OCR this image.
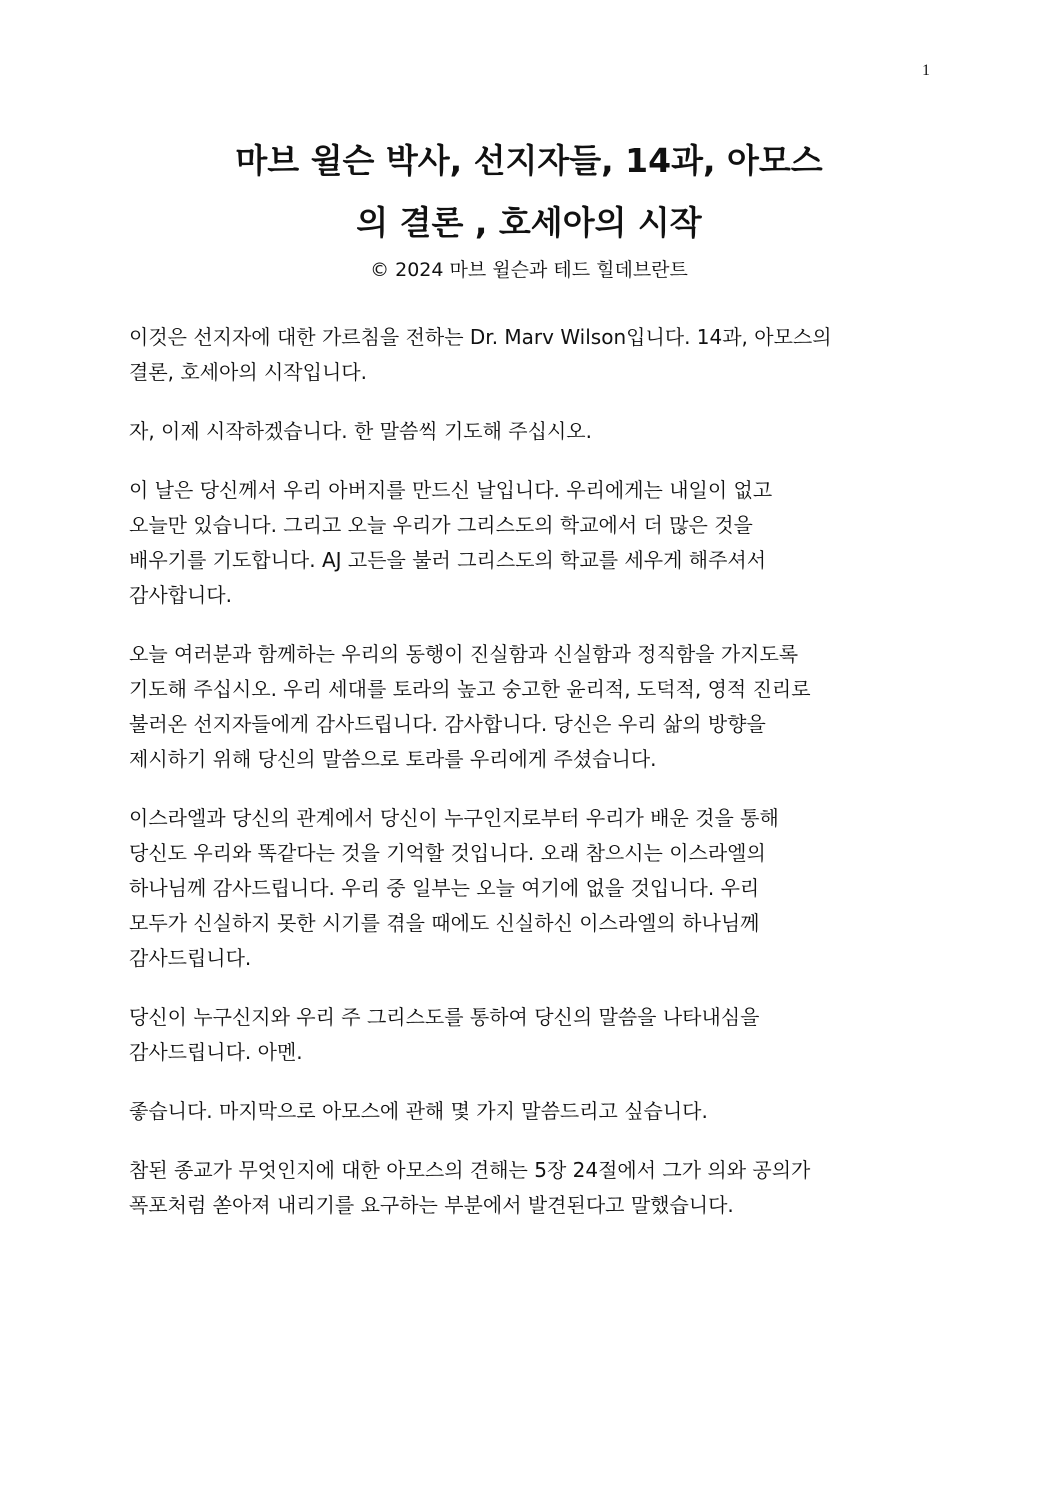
1
마브 윌슨 박사, 선지자들, 14과, 아모스
의 결론 , 호세아의 시작
© 2024 마브 윌슨과 테드 힐데브란트

이것은 선지자에 대한 가르침을 전하는 Dr. Marv Wilson입니다. 14과, 아모스의
결론, 호세아의 시작입니다.

자, 이제 시작하겠습니다. 한 말씀씩 기도해 주십시오.

이 날은 당신께서 우리 아버지를 만드신 날입니다. 우리에게는 내일이 없고
오늘만 있습니다. 그리고 오늘 우리가 그리스도의 학교에서 더 많은 것을
배우기를 기도합니다. AJ 고든을 불러 그리스도의 학교를 세우게 해주셔서
감사합니다.

오늘 여러분과 함께하는 우리의 동행이 진실함과 신실함과 정직함을 가지도록
기도해 주십시오. 우리 세대를 토라의 높고 숭고한 윤리적, 도덕적, 영적 진리로
불러온 선지자들에게 감사드립니다. 감사합니다. 당신은 우리 삶의 방향을
제시하기 위해 당신의 말씀으로 토라를 우리에게 주셨습니다.

이스라엘과 당신의 관계에서 당신이 누구인지로부터 우리가 배운 것을 통해
당신도 우리와 똑같다는 것을 기억할 것입니다. 오래 참으시는 이스라엘의
하나님께 감사드립니다. 우리 중 일부는 오늘 여기에 없을 것입니다. 우리
모두가 신실하지 못한 시기를 겪을 때에도 신실하신 이스라엘의 하나님께
감사드립니다.

당신이 누구신지와 우리 주 그리스도를 통하여 당신의 말씀을 나타내심을
감사드립니다. 아멘.

좋습니다. 마지막으로 아모스에 관해 몇 가지 말씀드리고 싶습니다.

참된 종교가 무엇인지에 대한 아모스의 견해는 5장 24절에서 그가 의와 공의가
폭포처럼 쏟아져 내리기를 요구하는 부분에서 발견된다고 말했습니다.
